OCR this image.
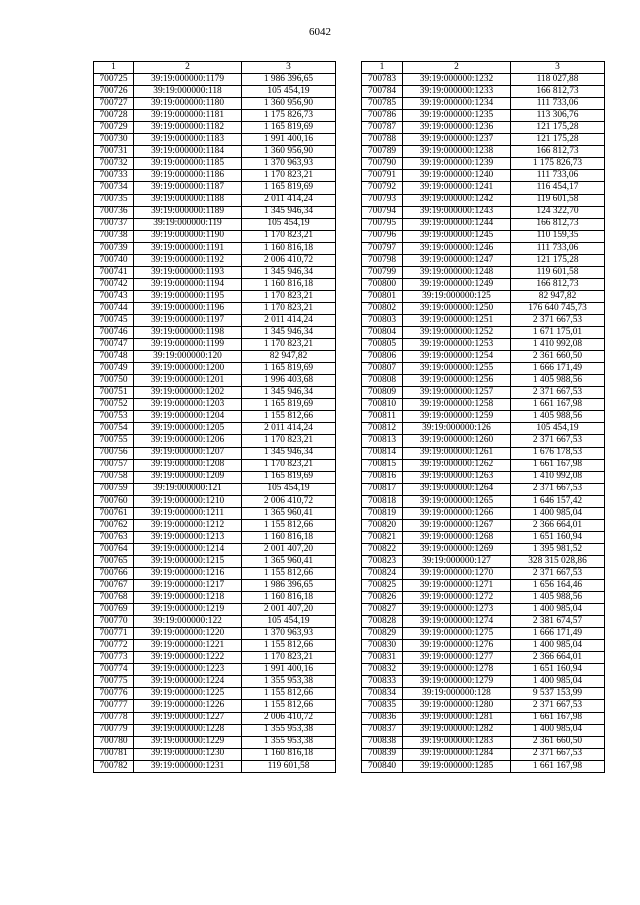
6042
1	2	3
700725	39:19:000000:1179	1 986 396,65
700726	39:19:000000:118	105 454,19
700727	39:19:000000:1180	1 360 956,90
700728	39:19:000000:1181	1 175 826,73
700729	39:19:000000:1182	1 165 819,69
700730	39:19:000000:1183	1 991 400,16
700731	39:19:000000:1184	1 360 956,90
700732	39:19:000000:1185	1 370 963,93
700733	39:19:000000:1186	1 170 823,21
700734	39:19:000000:1187	1 165 819,69
700735	39:19:000000:1188	2 011 414,24
700736	39:19:000000:1189	1 345 946,34
700737	39:19:000000:119	105 454,19
700738	39:19:000000:1190	1 170 823,21
700739	39:19:000000:1191	1 160 816,18
700740	39:19:000000:1192	2 006 410,72
700741	39:19:000000:1193	1 345 946,34
700742	39:19:000000:1194	1 160 816,18
700743	39:19:000000:1195	1 170 823,21
700744	39:19:000000:1196	1 170 823,21
700745	39:19:000000:1197	2 011 414,24
700746	39:19:000000:1198	1 345 946,34
700747	39:19:000000:1199	1 170 823,21
700748	39:19:000000:120	82 947,82
700749	39:19:000000:1200	1 165 819,69
700750	39:19:000000:1201	1 996 403,68
700751	39:19:000000:1202	1 345 946,34
700752	39:19:000000:1203	1 165 819,69
700753	39:19:000000:1204	1 155 812,66
700754	39:19:000000:1205	2 011 414,24
700755	39:19:000000:1206	1 170 823,21
700756	39:19:000000:1207	1 345 946,34
700757	39:19:000000:1208	1 170 823,21
700758	39:19:000000:1209	1 165 819,69
700759	39:19:000000:121	105 454,19
700760	39:19:000000:1210	2 006 410,72
700761	39:19:000000:1211	1 365 960,41
700762	39:19:000000:1212	1 155 812,66
700763	39:19:000000:1213	1 160 816,18
700764	39:19:000000:1214	2 001 407,20
700765	39:19:000000:1215	1 365 960,41
700766	39:19:000000:1216	1 155 812,66
700767	39:19:000000:1217	1 986 396,65
700768	39:19:000000:1218	1 160 816,18
700769	39:19:000000:1219	2 001 407,20
700770	39:19:000000:122	105 454,19
700771	39:19:000000:1220	1 370 963,93
700772	39:19:000000:1221	1 155 812,66
700773	39:19:000000:1222	1 170 823,21
700774	39:19:000000:1223	1 991 400,16
700775	39:19:000000:1224	1 355 953,38
700776	39:19:000000:1225	1 155 812,66
700777	39:19:000000:1226	1 155 812,66
700778	39:19:000000:1227	2 006 410,72
700779	39:19:000000:1228	1 355 953,38
700780	39:19:000000:1229	1 355 953,38
700781	39:19:000000:1230	1 160 816,18
700782	39:19:000000:1231	119 601,58
1	2	3
700783	39:19:000000:1232	118 027,88
700784	39:19:000000:1233	166 812,73
700785	39:19:000000:1234	111 733,06
700786	39:19:000000:1235	113 306,76
700787	39:19:000000:1236	121 175,28
700788	39:19:000000:1237	121 175,28
700789	39:19:000000:1238	166 812,73
700790	39:19:000000:1239	1 175 826,73
700791	39:19:000000:1240	111 733,06
700792	39:19:000000:1241	116 454,17
700793	39:19:000000:1242	119 601,58
700794	39:19:000000:1243	124 322,70
700795	39:19:000000:1244	166 812,73
700796	39:19:000000:1245	110 159,35
700797	39:19:000000:1246	111 733,06
700798	39:19:000000:1247	121 175,28
700799	39:19:000000:1248	119 601,58
700800	39:19:000000:1249	166 812,73
700801	39:19:000000:125	82 947,82
700802	39:19:000000:1250	176 640 745,73
700803	39:19:000000:1251	2 371 667,53
700804	39:19:000000:1252	1 671 175,01
700805	39:19:000000:1253	1 410 992,08
700806	39:19:000000:1254	2 361 660,50
700807	39:19:000000:1255	1 666 171,49
700808	39:19:000000:1256	1 405 988,56
700809	39:19:000000:1257	2 371 667,53
700810	39:19:000000:1258	1 661 167,98
700811	39:19:000000:1259	1 405 988,56
700812	39:19:000000:126	105 454,19
700813	39:19:000000:1260	2 371 667,53
700814	39:19:000000:1261	1 676 178,53
700815	39:19:000000:1262	1 661 167,98
700816	39:19:000000:1263	1 410 992,08
700817	39:19:000000:1264	2 371 667,53
700818	39:19:000000:1265	1 646 157,42
700819	39:19:000000:1266	1 400 985,04
700820	39:19:000000:1267	2 366 664,01
700821	39:19:000000:1268	1 651 160,94
700822	39:19:000000:1269	1 395 981,52
700823	39:19:000000:127	328 315 028,86
700824	39:19:000000:1270	2 371 667,53
700825	39:19:000000:1271	1 656 164,46
700826	39:19:000000:1272	1 405 988,56
700827	39:19:000000:1273	1 400 985,04
700828	39:19:000000:1274	2 381 674,57
700829	39:19:000000:1275	1 666 171,49
700830	39:19:000000:1276	1 400 985,04
700831	39:19:000000:1277	2 366 664,01
700832	39:19:000000:1278	1 651 160,94
700833	39:19:000000:1279	1 400 985,04
700834	39:19:000000:128	9 537 153,99
700835	39:19:000000:1280	2 371 667,53
700836	39:19:000000:1281	1 661 167,98
700837	39:19:000000:1282	1 400 985,04
700838	39:19:000000:1283	2 361 660,50
700839	39:19:000000:1284	2 371 667,53
700840	39:19:000000:1285	1 661 167,98
